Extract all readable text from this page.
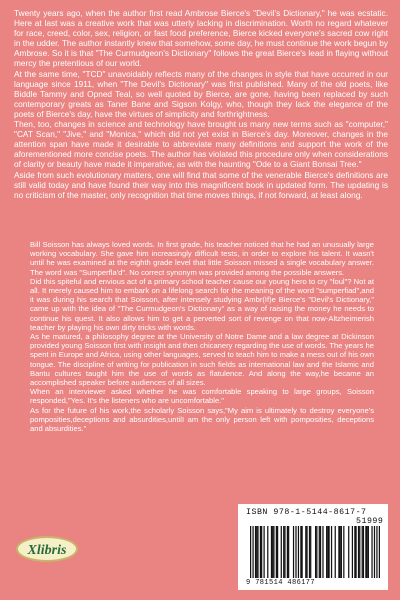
Twenty years ago, when the author first read Ambrose Bierce's "Devil's Dictionary," he was ecstatic. Here at last was a creative work that was utterly lacking in discrimination. Worth no regard whatever for race, creed, color, sex, religion, or fast food preference, Bierce kicked everyone's sacred cow right in the udder. The author instantly knew that somehow, some day, he must continue the work begun by Ambrose. So it is that "The Curmudgeon's Dictionary" follows the great Bierce's lead in flaying without mercy the pretentious of our world.

At the same time, "TCD" unavoidably reflects many of the changes in style that have occurred in our language since 1911, when "The Devil's Dictionary" was first published. Many of the old poets, like Biddle Tammy and Opned Teal, so well quoted by Bierce, are gone, having been replaced by such contemporary greats as Taner Bane and Sigson Kolgy, who, though they lack the elegance of the poets of Bierce's day, have the virtues of simplicity and forthrightness.

Then, too, changes in science and technology have brought us many new terms such as "computer," "CAT Scan," "Jive," and "Monica," which did not yet exist in Bierce's day. Moreover, changes in the attention span have made it desirable to abbreviate many definitions and support the work of the aforementioned more concise poets. The author has violated this procedure only when considerations of clarity or beauty have made it imperative, as with the haunting "Ode to a Giant Bonsai Tree."

Aside from such evolutionary matters, one will find that some of the venerable Bierce's definitions are still valid today and have found their way into this magnificent book in updated form. The updating is no criticism of the master, only recognition that time moves things, if not forward, at least along.

Bill Soisson has always loved words. In first grade, his teacher noticed that he had an unusually large working vocabulary. She gave him increasingly difficult tests, in order to explore his talent. It wasn't until he was examined at the eighth grade level that little Soisson missed a single vocabulary answer. The word was "Sumperfla'd". No correct synonym was provided among the possible answers.

Did this spiteful and envious act of a primary school teacher cause our young hero to cry "foul"? Not at all. It merely caused him to embark on a lifelong search for the meaning of the word "sumperfiad",and it was during his search that Soisson, after intensely studying Ambr(If)e Bierce's "Devil's Dictionary," came up with the idea of "The Curmudgeon's Dictionary" as a way of raising the money he needs to continue his quest. It also allows him to get a perverted sort of revenge on that now-Altzheimerish teacher by playing his own dirty tricks with words.

As he matured, a philosophy degree at the University of Notre Dame and a law degree at Dickinson provided young Soisson first with insight and then chicanery regarding the use of words. The years he spent in Europe and Africa, using other languages, served to teach him to make a mess out of his own tongue. The discipline of writing for publication in such fields as international law and the Islamic and Bantu cultures taught him the use of words as flatulence. And along the way,he became an accomplished speaker before audiences of all sizes.

When an interviewer asked whether he was comfortable speaking to large groups, Soisson responded,"Yes. It's the listeners who are uncomfortable."

As for the future of his work,the scholarly Soisson says,"My aim is ultimately to destroy everyone's pomposities,deceptions and absurdities,untilI am the only person left with pomposities, deceptions and absurdities."

Xlibris
ISBN 978-1-5144-8617-7
51999
9 781514 486177
